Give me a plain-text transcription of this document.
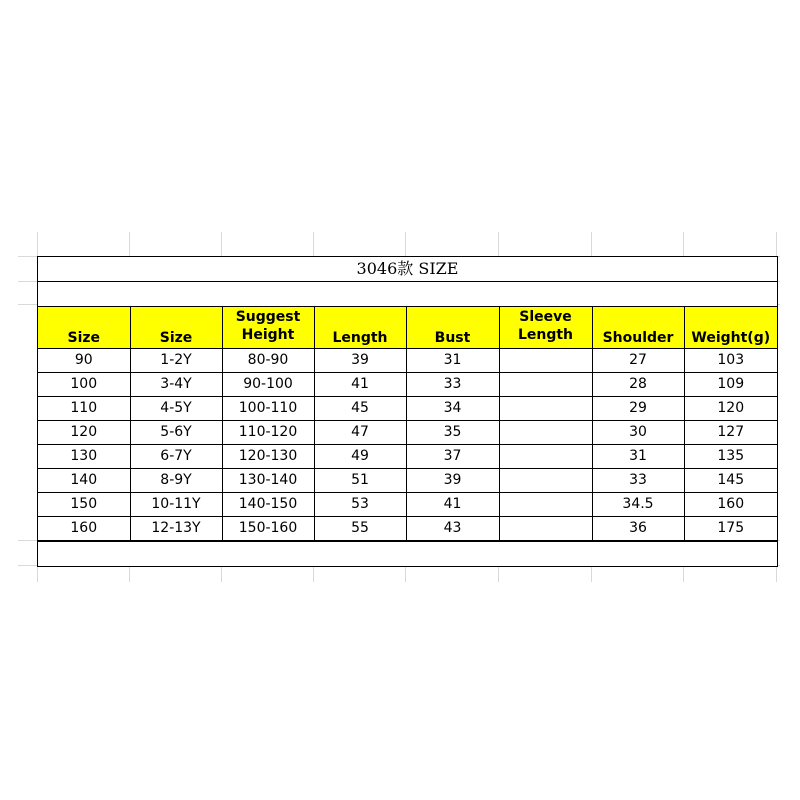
3046款 SIZE
Size	Size	Suggest Height	Length	Bust	Sleeve Length	Shoulder	Weight(g)
90	1-2Y	80-90	39	31		27	103
100	3-4Y	90-100	41	33		28	109
110	4-5Y	100-110	45	34		29	120
120	5-6Y	110-120	47	35		30	127
130	6-7Y	120-130	49	37		31	135
140	8-9Y	130-140	51	39		33	145
150	10-11Y	140-150	53	41		34.5	160
160	12-13Y	150-160	55	43		36	175
